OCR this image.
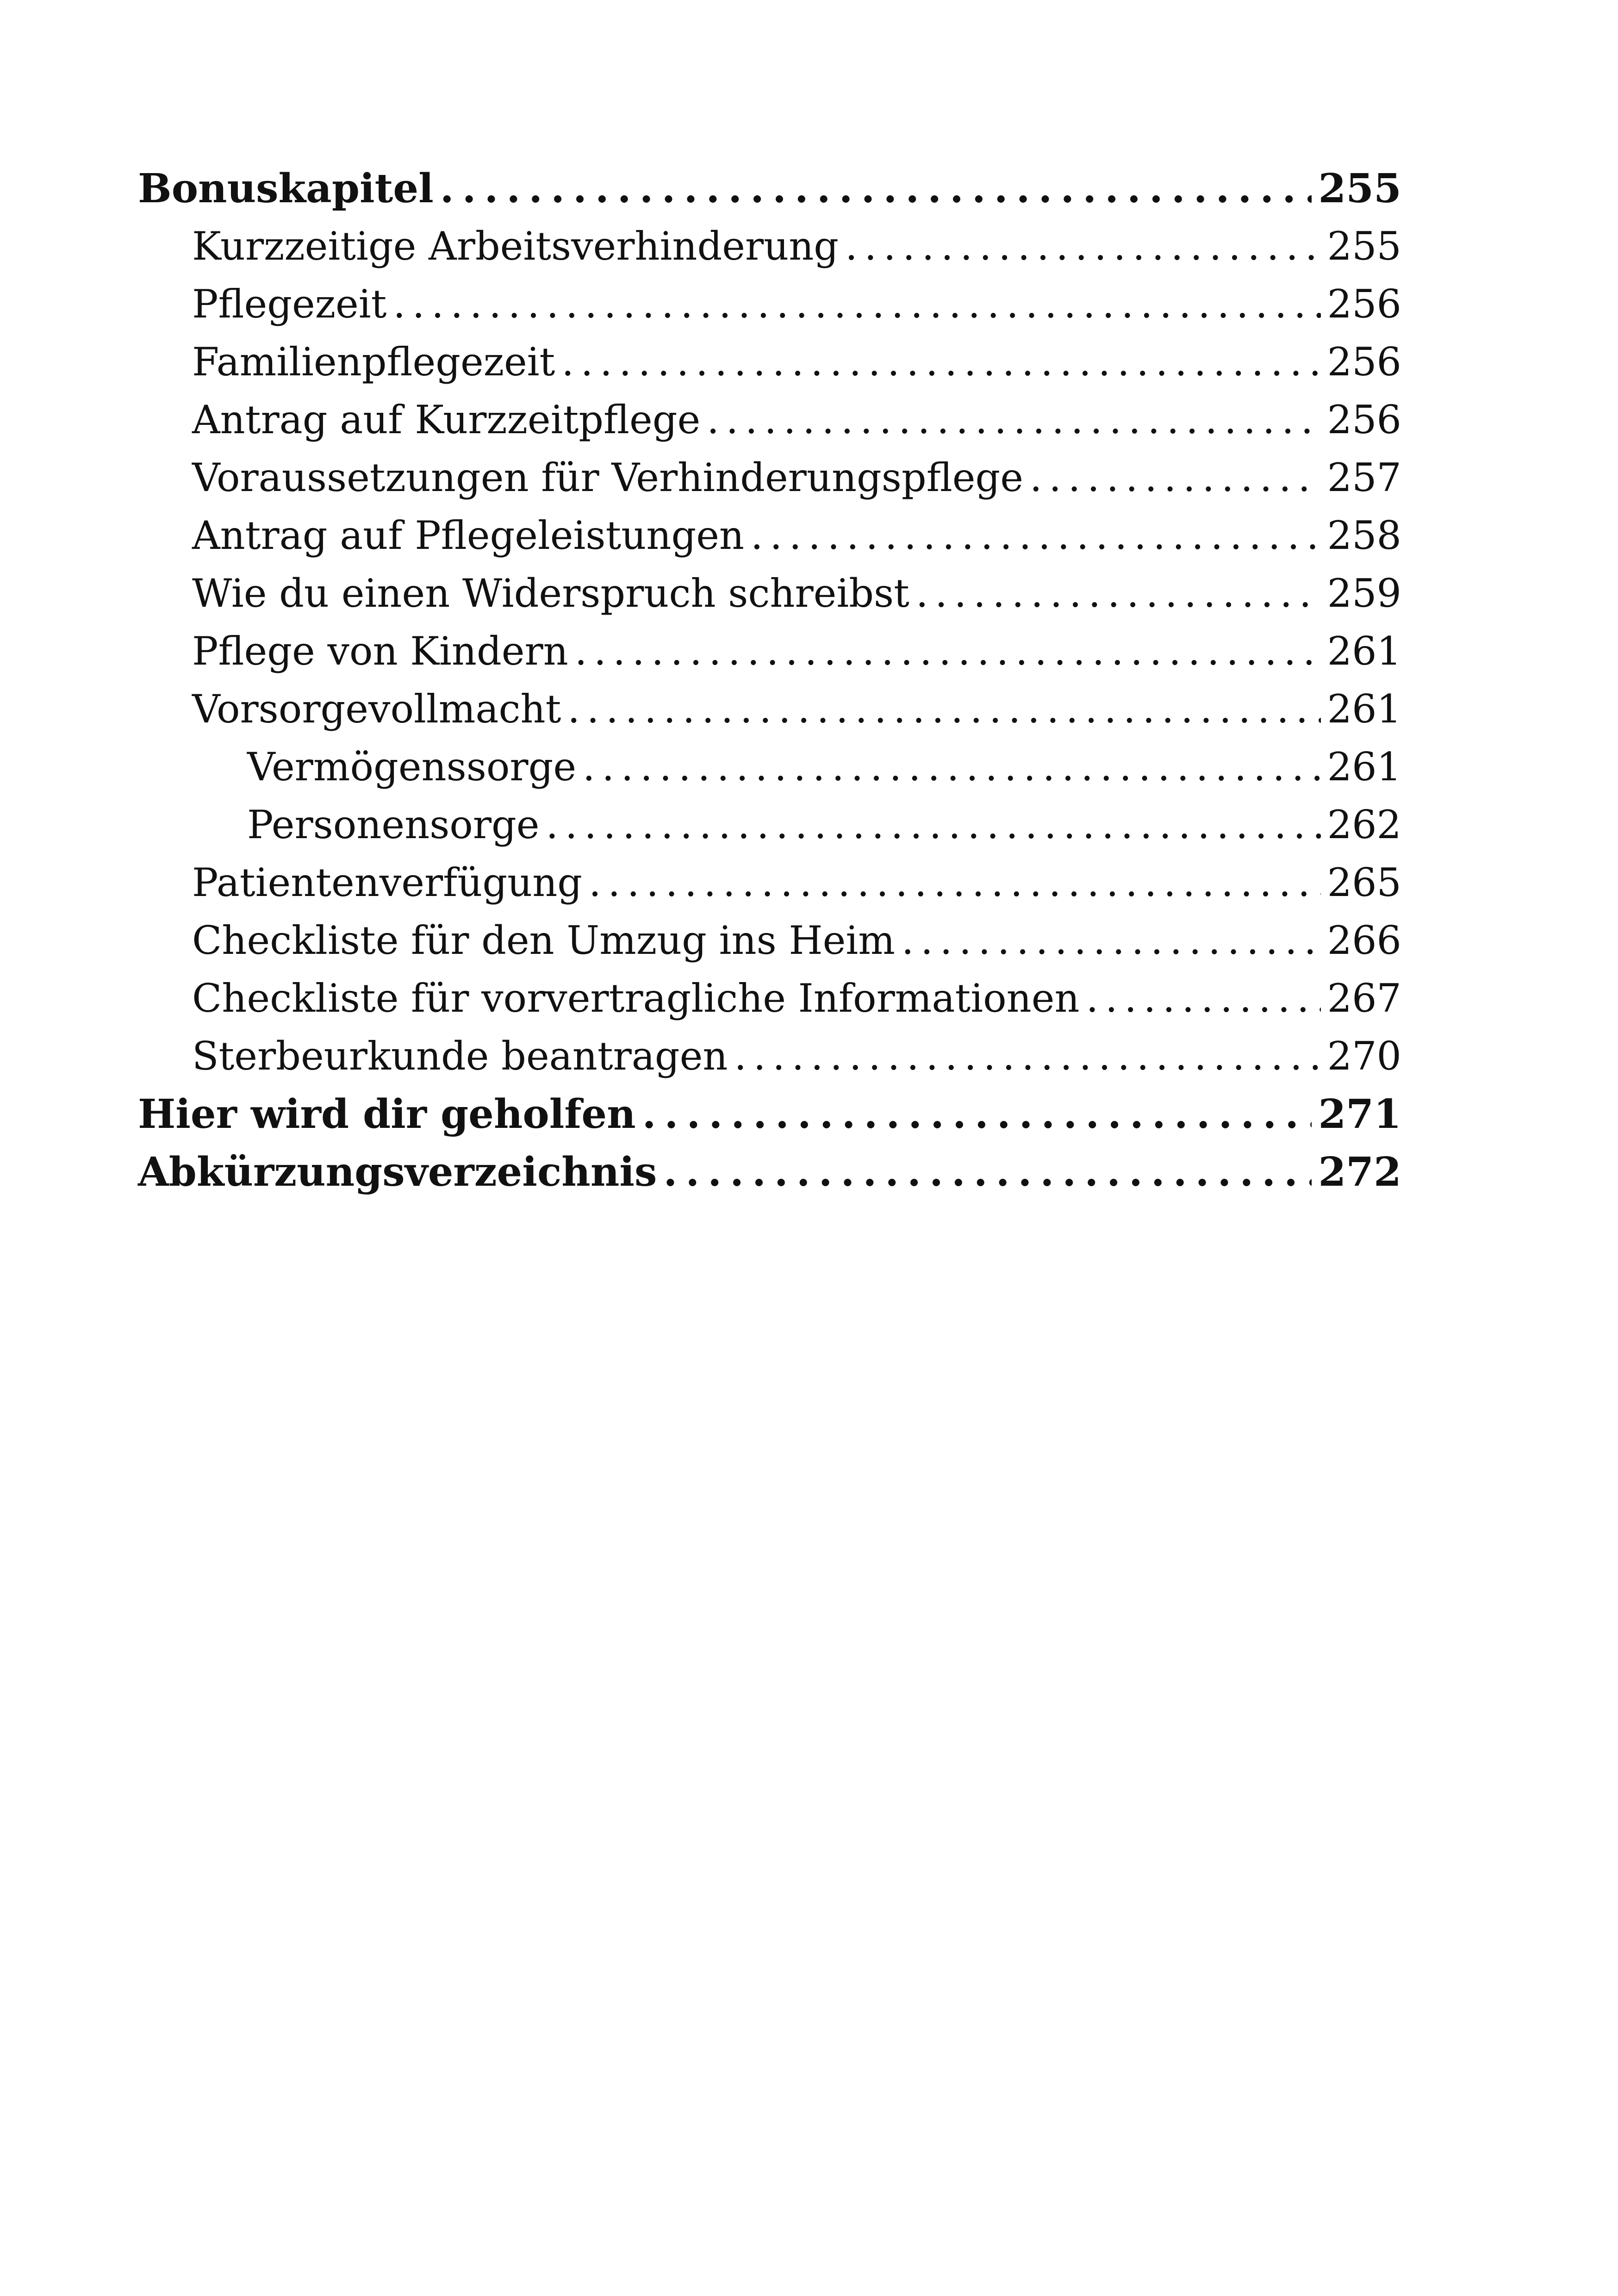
Bonuskapitel . . .	255
Kurzzeitige Arbeitsverhinderung . . .	255
Pflegezeit . . .	256
Familienpflegezeit . . .	256
Antrag auf Kurzzeitpflege . . .	256
Voraussetzungen für Verhinderungspflege . . .	257
Antrag auf Pflegeleistungen . . .	258
Wie du einen Widerspruch schreibst . . .	259
Pflege von Kindern . . .	261
Vorsorgevollmacht . . .	261
Vermögenssorge . . .	261
Personensorge . . .	262
Patientenverfügung . . .	265
Checkliste für den Umzug ins Heim . . .	266
Checkliste für vorvertragliche Informationen . . .	267
Sterbeurkunde beantragen . . .	270
Hier wird dir geholfen . . .	271
Abkürzungsverzeichnis . . .	272
